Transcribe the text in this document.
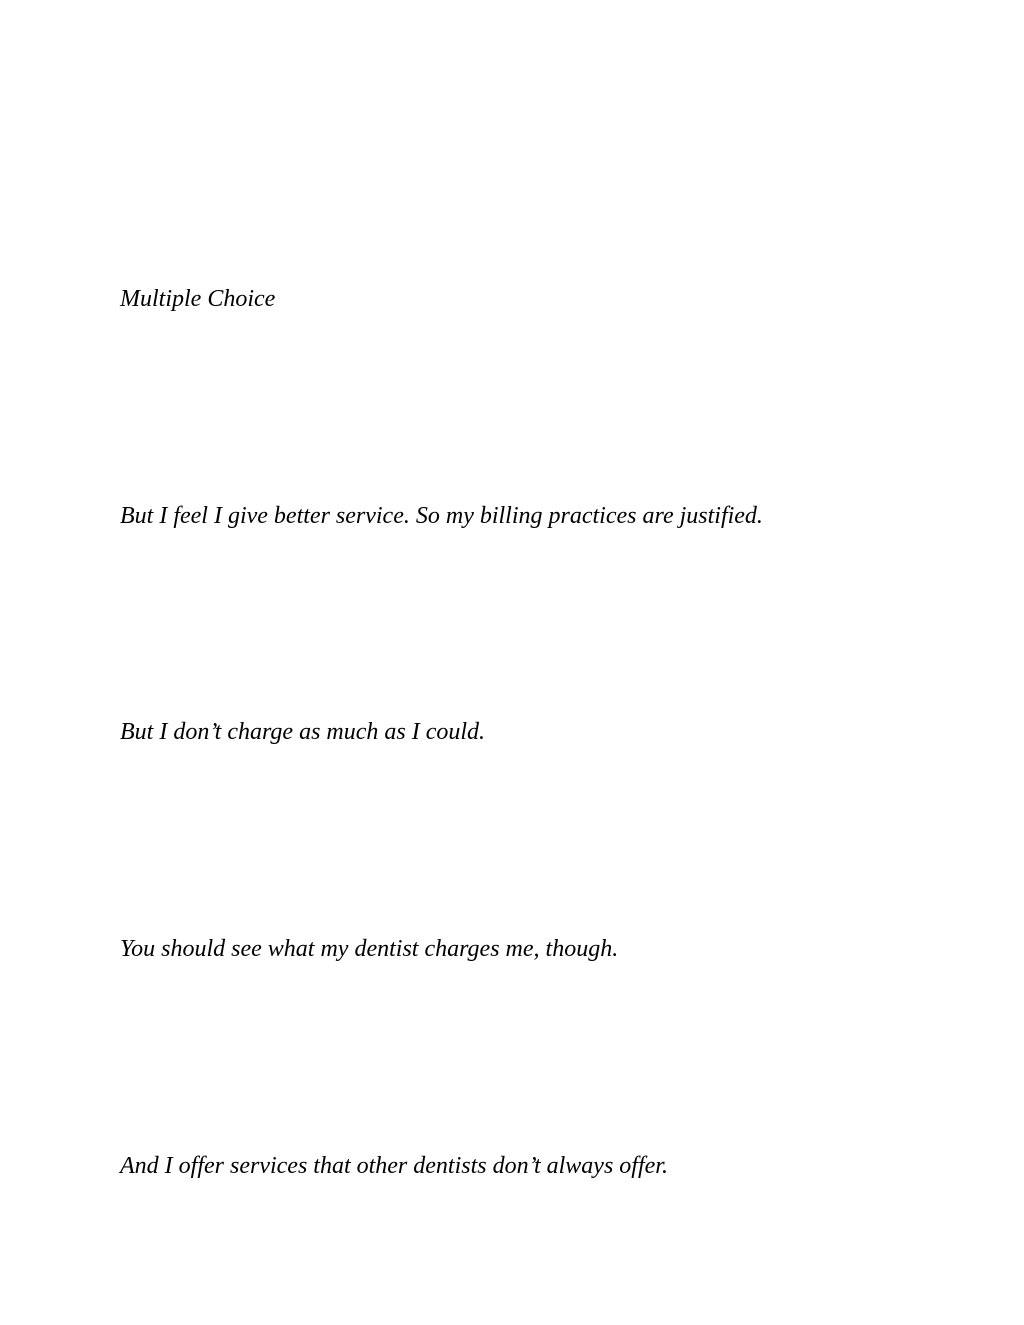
Multiple Choice

But I feel I give better service. So my billing practices are justified.

But I don’t charge as much as I could.

You should see what my dentist charges me, though.

And I offer services that other dentists don’t always offer.
